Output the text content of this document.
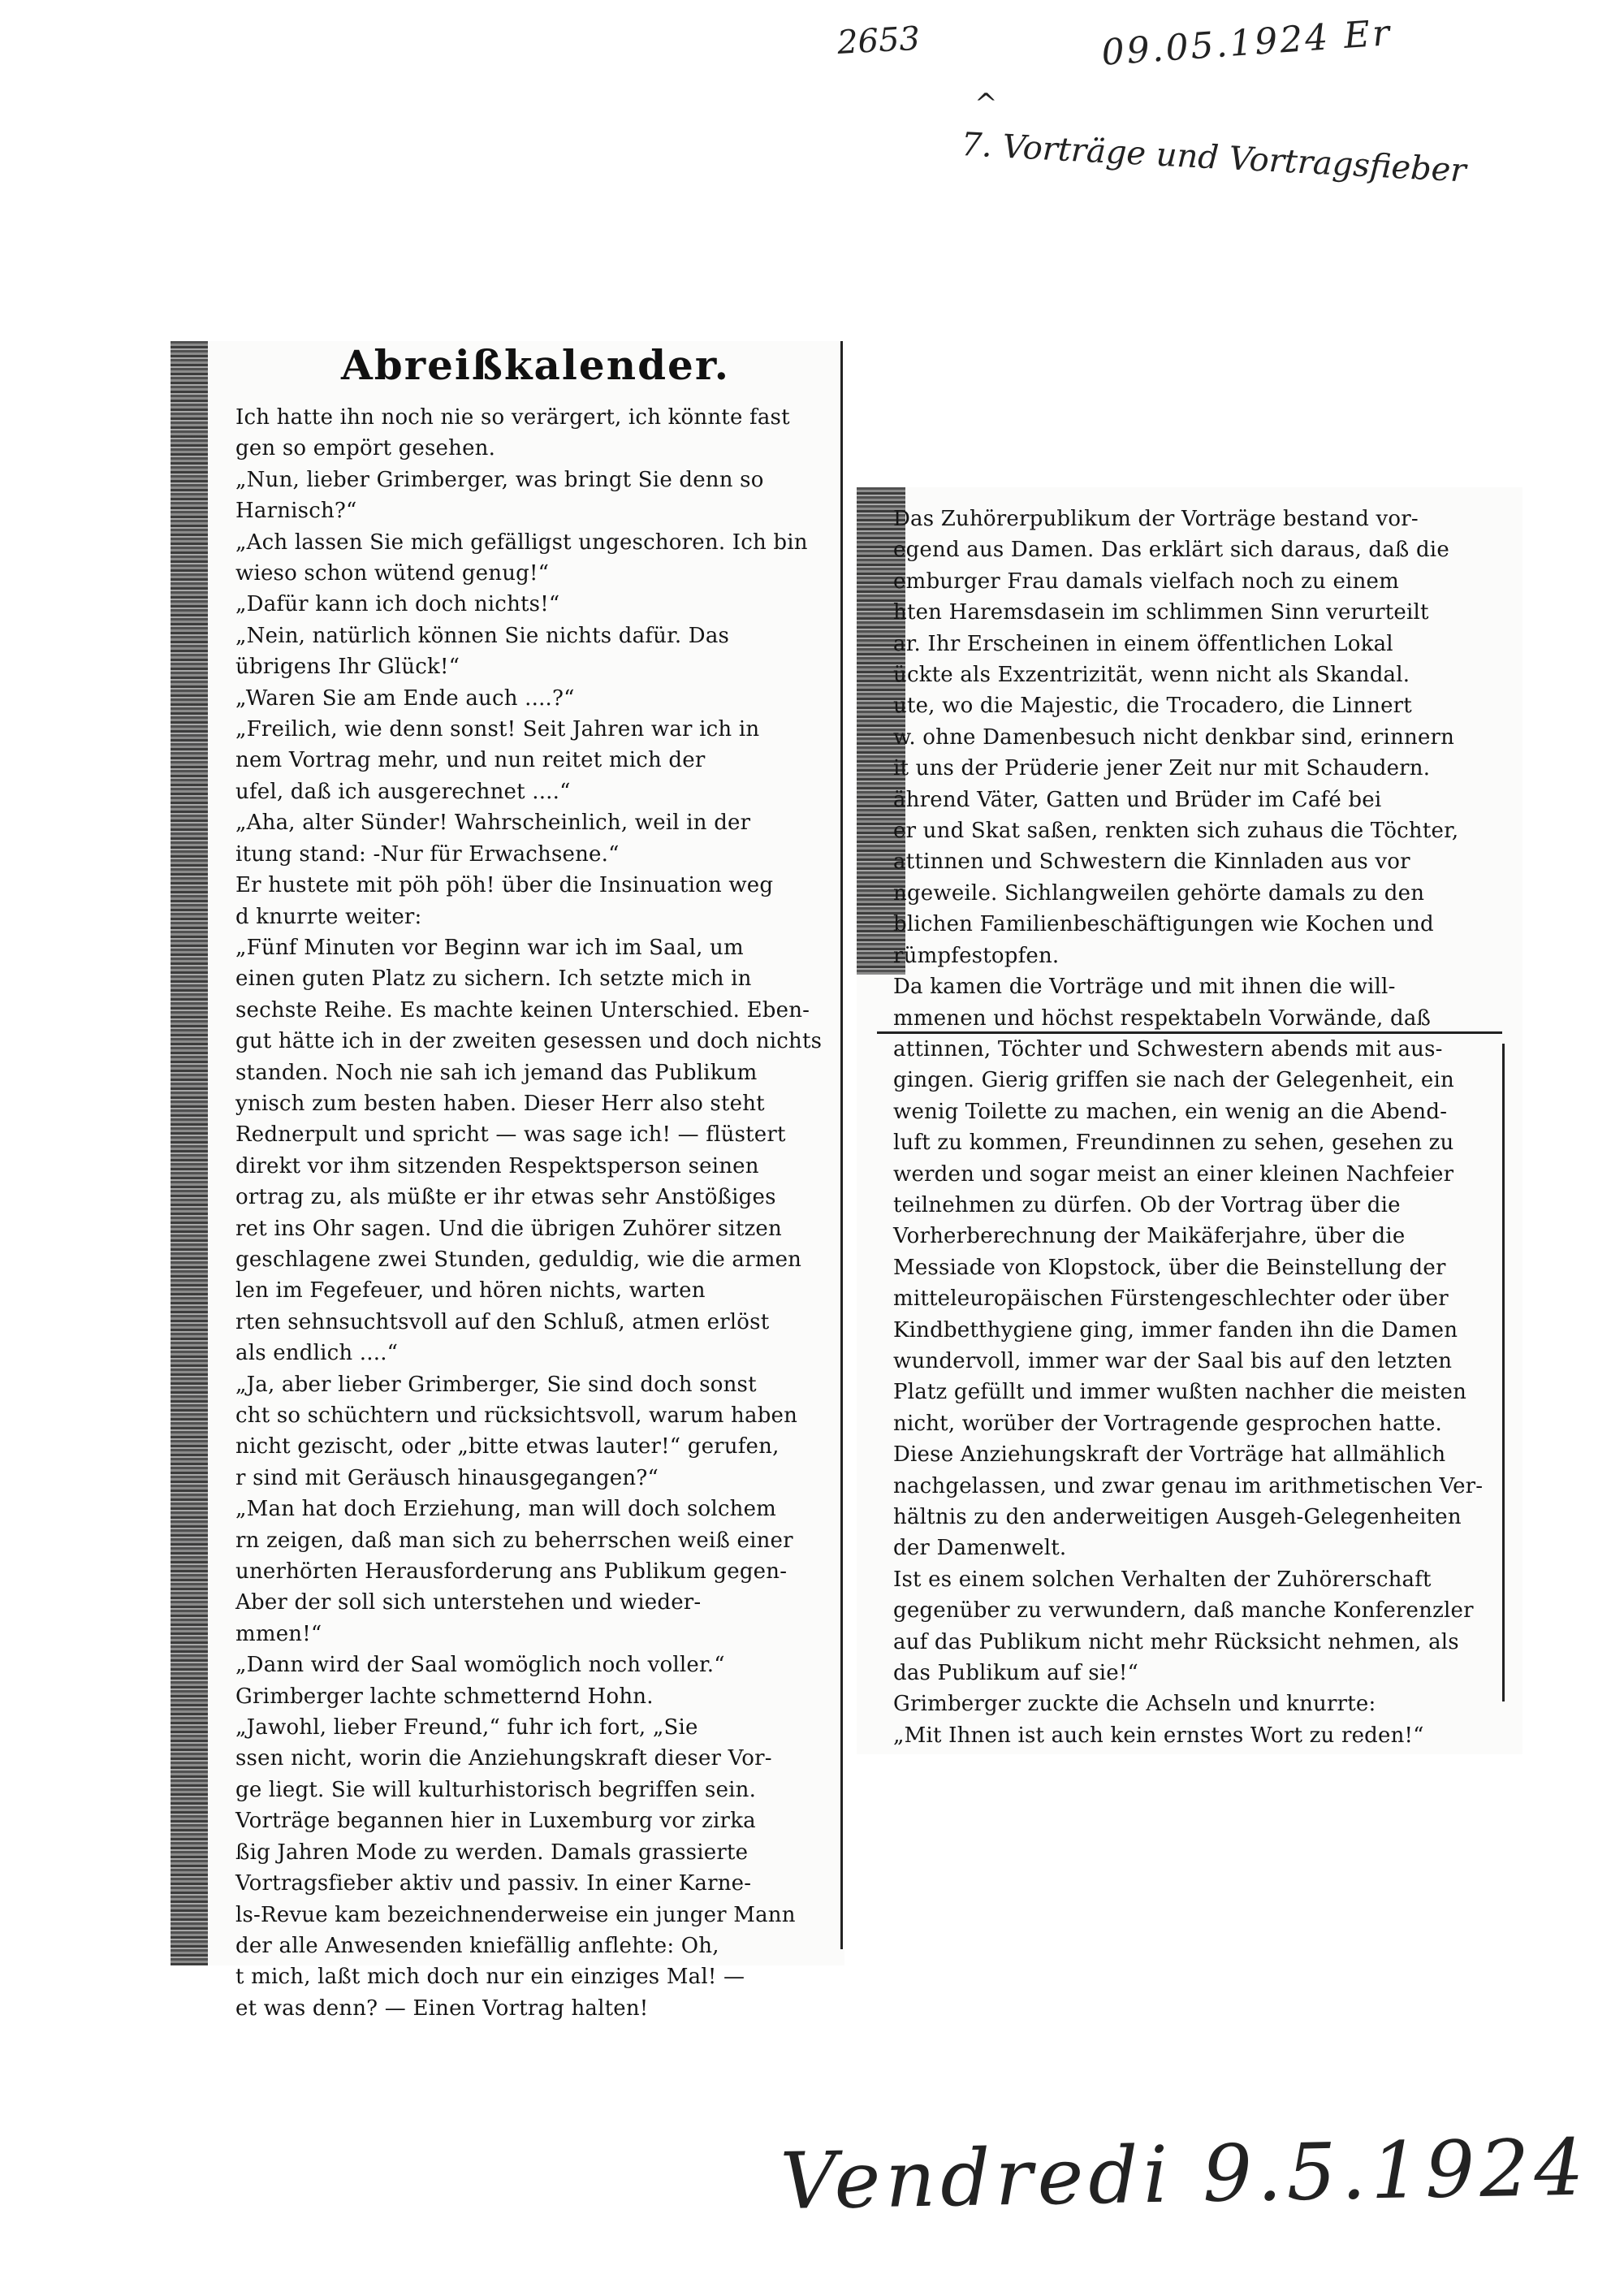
2653	09.05.1924 Er
^
7. Vorträge und Vortragsfieber
Abreißkalender.

Ich hatte ihn noch nie so verärgert, ich könnte fast

gen so empört gesehen.

„Nun, lieber Grimberger, was bringt Sie denn so

Harnisch?“

„Ach lassen Sie mich gefälligst ungeschoren. Ich bin

wieso schon wütend genug!“

„Dafür kann ich doch nichts!“

„Nein, natürlich können Sie nichts dafür. Das

übrigens Ihr Glück!“

„Waren Sie am Ende auch ....?“

„Freilich, wie denn sonst! Seit Jahren war ich in

nem Vortrag mehr, und nun reitet mich der

ufel, daß ich ausgerechnet ....“

„Aha, alter Sünder! Wahrscheinlich, weil in der

itung stand: -Nur für Erwachsene.“

Er hustete mit pöh pöh! über die Insinuation weg

d knurrte weiter:

„Fünf Minuten vor Beginn war ich im Saal, um

einen guten Platz zu sichern. Ich setzte mich in

sechste Reihe. Es machte keinen Unterschied. Eben-

gut hätte ich in der zweiten gesessen und doch nichts

standen. Noch nie sah ich jemand das Publikum

ynisch zum besten haben. Dieser Herr also steht

Rednerpult und spricht — was sage ich! — flüstert

direkt vor ihm sitzenden Respektsperson seinen

ortrag zu, als müßte er ihr etwas sehr Anstößiges

ret ins Ohr sagen. Und die übrigen Zuhörer sitzen

geschlagene zwei Stunden, geduldig, wie die armen

len im Fegefeuer, und hören nichts, warten

rten sehnsuchtsvoll auf den Schluß, atmen erlöst

als endlich ....“

„Ja, aber lieber Grimberger, Sie sind doch sonst

cht so schüchtern und rücksichtsvoll, warum haben

nicht gezischt, oder „bitte etwas lauter!“ gerufen,

r sind mit Geräusch hinausgegangen?“

„Man hat doch Erziehung, man will doch solchem

rn zeigen, daß man sich zu beherrschen weiß einer

unerhörten Herausforderung ans Publikum gegen-

Aber der soll sich unterstehen und wieder-

mmen!“

„Dann wird der Saal womöglich noch voller.“

Grimberger lachte schmetternd Hohn.

„Jawohl, lieber Freund,“ fuhr ich fort, „Sie

ssen nicht, worin die Anziehungskraft dieser Vor-

ge liegt. Sie will kulturhistorisch begriffen sein.

Vorträge begannen hier in Luxemburg vor zirka

ßig Jahren Mode zu werden. Damals grassierte

Vortragsfieber aktiv und passiv. In einer Karne-

ls-Revue kam bezeichnenderweise ein junger Mann

der alle Anwesenden kniefällig anflehte: Oh,

t mich, laßt mich doch nur ein einziges Mal! —

et was denn? — Einen Vortrag halten!

Das Zuhörerpublikum der Vorträge bestand vor-

egend aus Damen. Das erklärt sich daraus, daß die

emburger Frau damals vielfach noch zu einem

hten Haremsdasein im schlimmen Sinn verurteilt

ar. Ihr Erscheinen in einem öffentlichen Lokal

ückte als Exzentrizität, wenn nicht als Skandal.

ute, wo die Majestic, die Trocadero, die Linnert

w. ohne Damenbesuch nicht denkbar sind, erinnern

it uns der Prüderie jener Zeit nur mit Schaudern.

ährend Väter, Gatten und Brüder im Café bei

er und Skat saßen, renkten sich zuhaus die Töchter,

attinnen und Schwestern die Kinnladen aus vor

ngeweile. Sichlangweilen gehörte damals zu den

blichen Familienbeschäftigungen wie Kochen und

rümpfestopfen.

Da kamen die Vorträge und mit ihnen die will-

mmenen und höchst respektabeln Vorwände, daß

attinnen, Töchter und Schwestern abends mit aus-

gingen. Gierig griffen sie nach der Gelegenheit, ein

wenig Toilette zu machen, ein wenig an die Abend-

luft zu kommen, Freundinnen zu sehen, gesehen zu

werden und sogar meist an einer kleinen Nachfeier

teilnehmen zu dürfen. Ob der Vortrag über die

Vorherberechnung der Maikäferjahre, über die

Messiade von Klopstock, über die Beinstellung der

mitteleuropäischen Fürstengeschlechter oder über

Kindbetthygiene ging, immer fanden ihn die Damen

wundervoll, immer war der Saal bis auf den letzten

Platz gefüllt und immer wußten nachher die meisten

nicht, worüber der Vortragende gesprochen hatte.

Diese Anziehungskraft der Vorträge hat allmählich

nachgelassen, und zwar genau im arithmetischen Ver-

hältnis zu den anderweitigen Ausgeh-Gelegenheiten

der Damenwelt.

Ist es einem solchen Verhalten der Zuhörerschaft

gegenüber zu verwundern, daß manche Konferenzler

auf das Publikum nicht mehr Rücksicht nehmen, als

das Publikum auf sie!“

Grimberger zuckte die Achseln und knurrte:

„Mit Ihnen ist auch kein ernstes Wort zu reden!“

Vendredi 9.5.1924
